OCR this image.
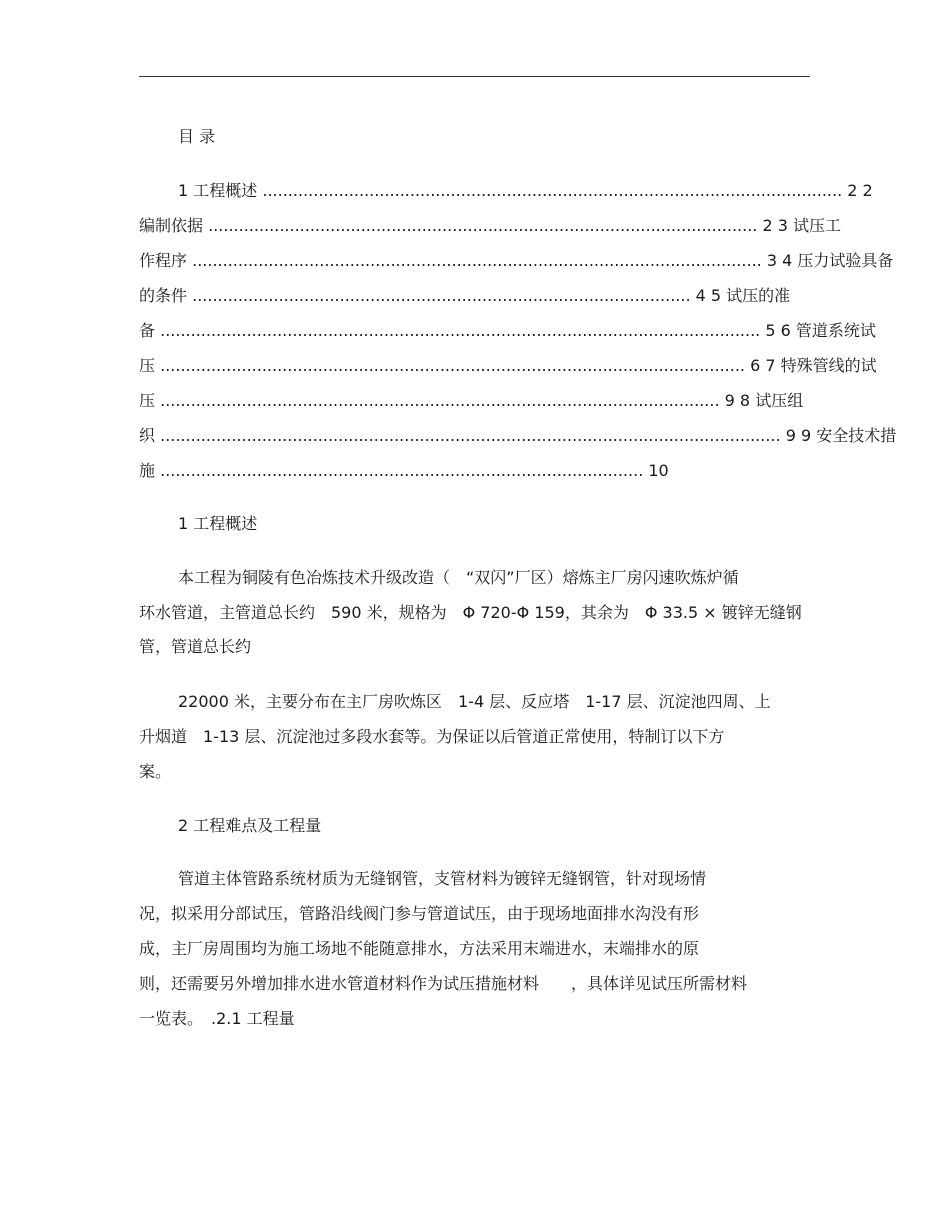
目 录
1 工程概述 .................................................................................................................. 2 2
编制依据 ............................................................................................................ 2 3 试压工
作程序 ................................................................................................................ 3 4 压力试验具备
的条件 .................................................................................................. 4 5 试压的准
备 ...................................................................................................................... 5 6 管道系统试
压 ................................................................................................................... 6 7 特殊管线的试
压 .............................................................................................................. 9 8 试压组
织 .......................................................................................................................... 9 9 安全技术措
施 ............................................................................................... 10
1 工程概述

本工程为铜陵有色冶炼技术升级改造（　“双闪”厂区）熔炼主厂房闪速吹炼炉循

环水管道，主管道总长约　590 米，规格为　Φ 720-Φ 159，其余为　Φ 33.5 × 镀锌无缝钢

管，管道总长约

22000 米，主要分布在主厂房吹炼区　1-4 层、反应塔　1-17 层、沉淀池四周、上

升烟道　1-13 层、沉淀池过多段水套等。为保证以后管道正常使用，特制订以下方

案。

2 工程难点及工程量

管道主体管路系统材质为无缝钢管，支管材料为镀锌无缝钢管，针对现场情

况，拟采用分部试压，管路沿线阀门参与管道试压，由于现场地面排水沟没有形

成，主厂房周围均为施工场地不能随意排水，方法采用末端进水，末端排水的原

则，还需要另外增加排水进水管道材料作为试压措施材料　　，具体详见试压所需材料

一览表。　.2.1 工程量
